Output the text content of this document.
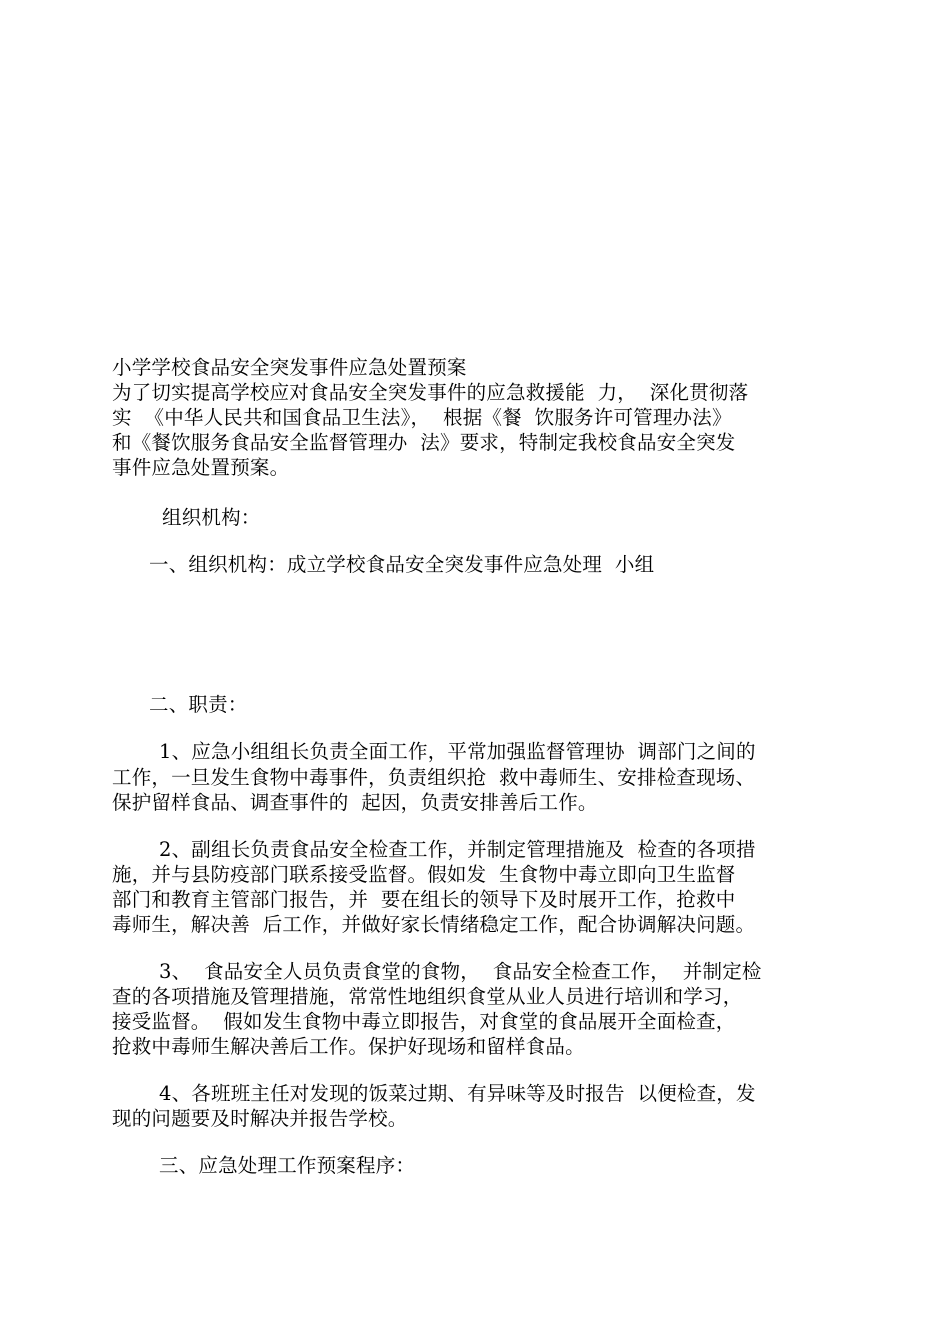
小学学校食品安全突发事件应急处置预案
为了切实提高学校应对食品安全突发事件的应急救援能  力，  深化贯彻落
实  《中华人民共和国食品卫生法》，  根据《餐  饮服务许可管理办法》
和《餐饮服务食品安全监督管理办  法》要求，特制定我校食品安全突发
事件应急处置预案。
组织机构：
一、组织机构：成立学校食品安全突发事件应急处理  小组
二、职责：
1、应急小组组长负责全面工作，平常加强监督管理协  调部门之间的
工作，一旦发生食物中毒事件，负责组织抢  救中毒师生、安排检查现场、
保护留样食品、调查事件的  起因，负责安排善后工作。
2、副组长负责食品安全检查工作，并制定管理措施及  检查的各项措
施，并与县防疫部门联系接受监督。假如发  生食物中毒立即向卫生监督
部门和教育主管部门报告，并  要在组长的领导下及时展开工作，抢救中
毒师生，解决善  后工作，并做好家长情绪稳定工作，配合协调解决问题。
3、  食品安全人员负责食堂的食物，  食品安全检查工作，  并制定检
查的各项措施及管理措施，常常性地组织食堂从业人员进行培训和学习，
接受监督。  假如发生食物中毒立即报告，对食堂的食品展开全面检查，
抢救中毒师生解决善后工作。保护好现场和留样食品。
4、各班班主任对发现的饭菜过期、有异味等及时报告  以便检查，发
现的问题要及时解决并报告学校。
三、应急处理工作预案程序：
